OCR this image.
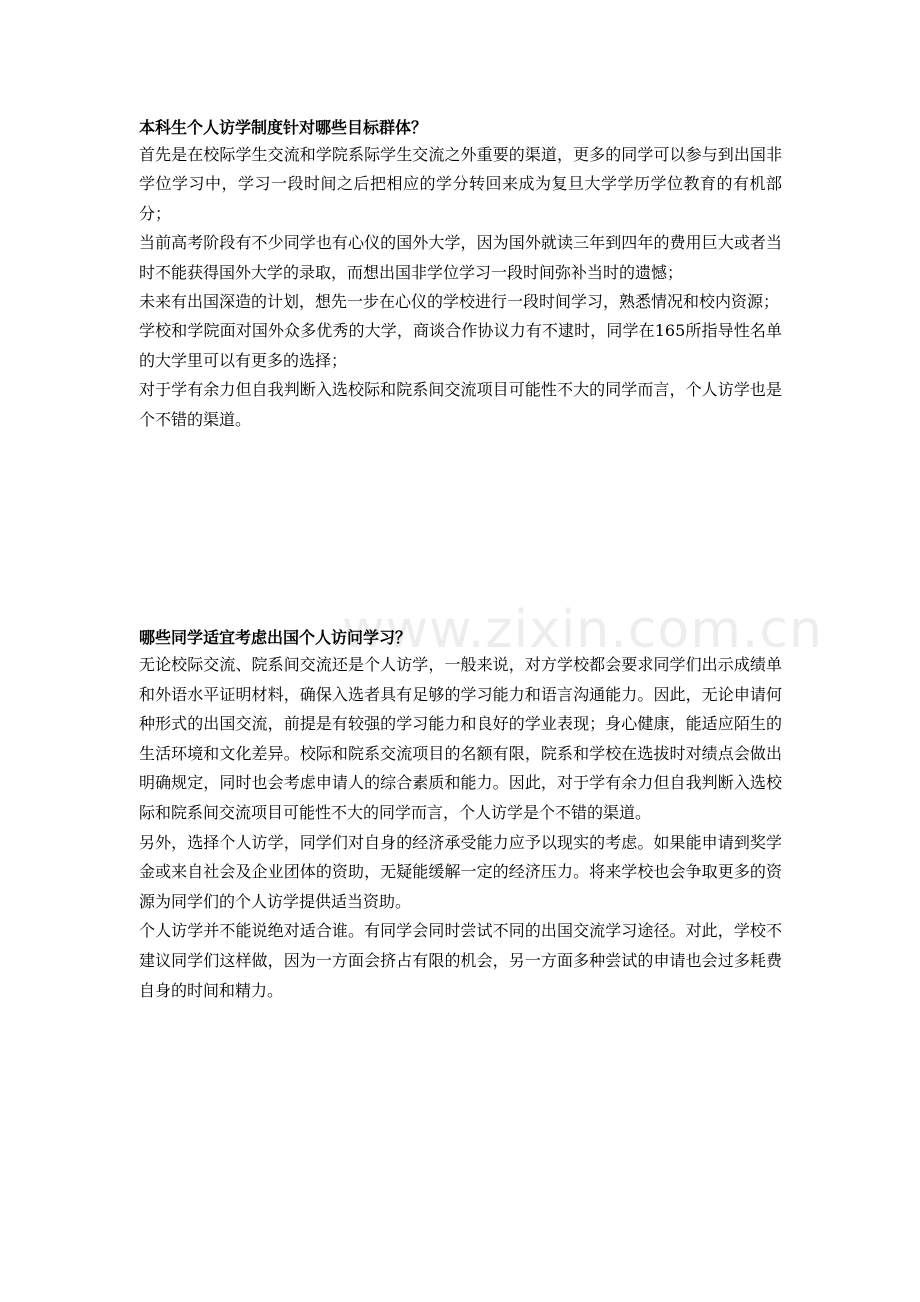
www.zixin.com.cn

本科生个人访学制度针对哪些目标群体？

首先是在校际学生交流和学院系际学生交流之外重要的渠道，更多的同学可以参与到出国非学位学习中，学习一段时间之后把相应的学分转回来成为复旦大学学历学位教育的有机部分；

当前高考阶段有不少同学也有心仪的国外大学，因为国外就读三年到四年的费用巨大或者当时不能获得国外大学的录取，而想出国非学位学习一段时间弥补当时的遗憾；

未来有出国深造的计划，想先一步在心仪的学校进行一段时间学习，熟悉情况和校内资源；

学校和学院面对国外众多优秀的大学，商谈合作协议力有不逮时，同学在165所指导性名单的大学里可以有更多的选择；

对于学有余力但自我判断入选校际和院系间交流项目可能性不大的同学而言，个人访学也是个不错的渠道。

哪些同学适宜考虑出国个人访问学习？

无论校际交流、院系间交流还是个人访学，一般来说，对方学校都会要求同学们出示成绩单和外语水平证明材料，确保入选者具有足够的学习能力和语言沟通能力。因此，无论申请何种形式的出国交流，前提是有较强的学习能力和良好的学业表现；身心健康，能适应陌生的生活环境和文化差异。校际和院系交流项目的名额有限，院系和学校在选拔时对绩点会做出明确规定，同时也会考虑申请人的综合素质和能力。因此，对于学有余力但自我判断入选校际和院系间交流项目可能性不大的同学而言，个人访学是个不错的渠道。

另外，选择个人访学，同学们对自身的经济承受能力应予以现实的考虑。如果能申请到奖学金或来自社会及企业团体的资助，无疑能缓解一定的经济压力。将来学校也会争取更多的资源为同学们的个人访学提供适当资助。

个人访学并不能说绝对适合谁。有同学会同时尝试不同的出国交流学习途径。对此，学校不建议同学们这样做，因为一方面会挤占有限的机会，另一方面多种尝试的申请也会过多耗费自身的时间和精力。
